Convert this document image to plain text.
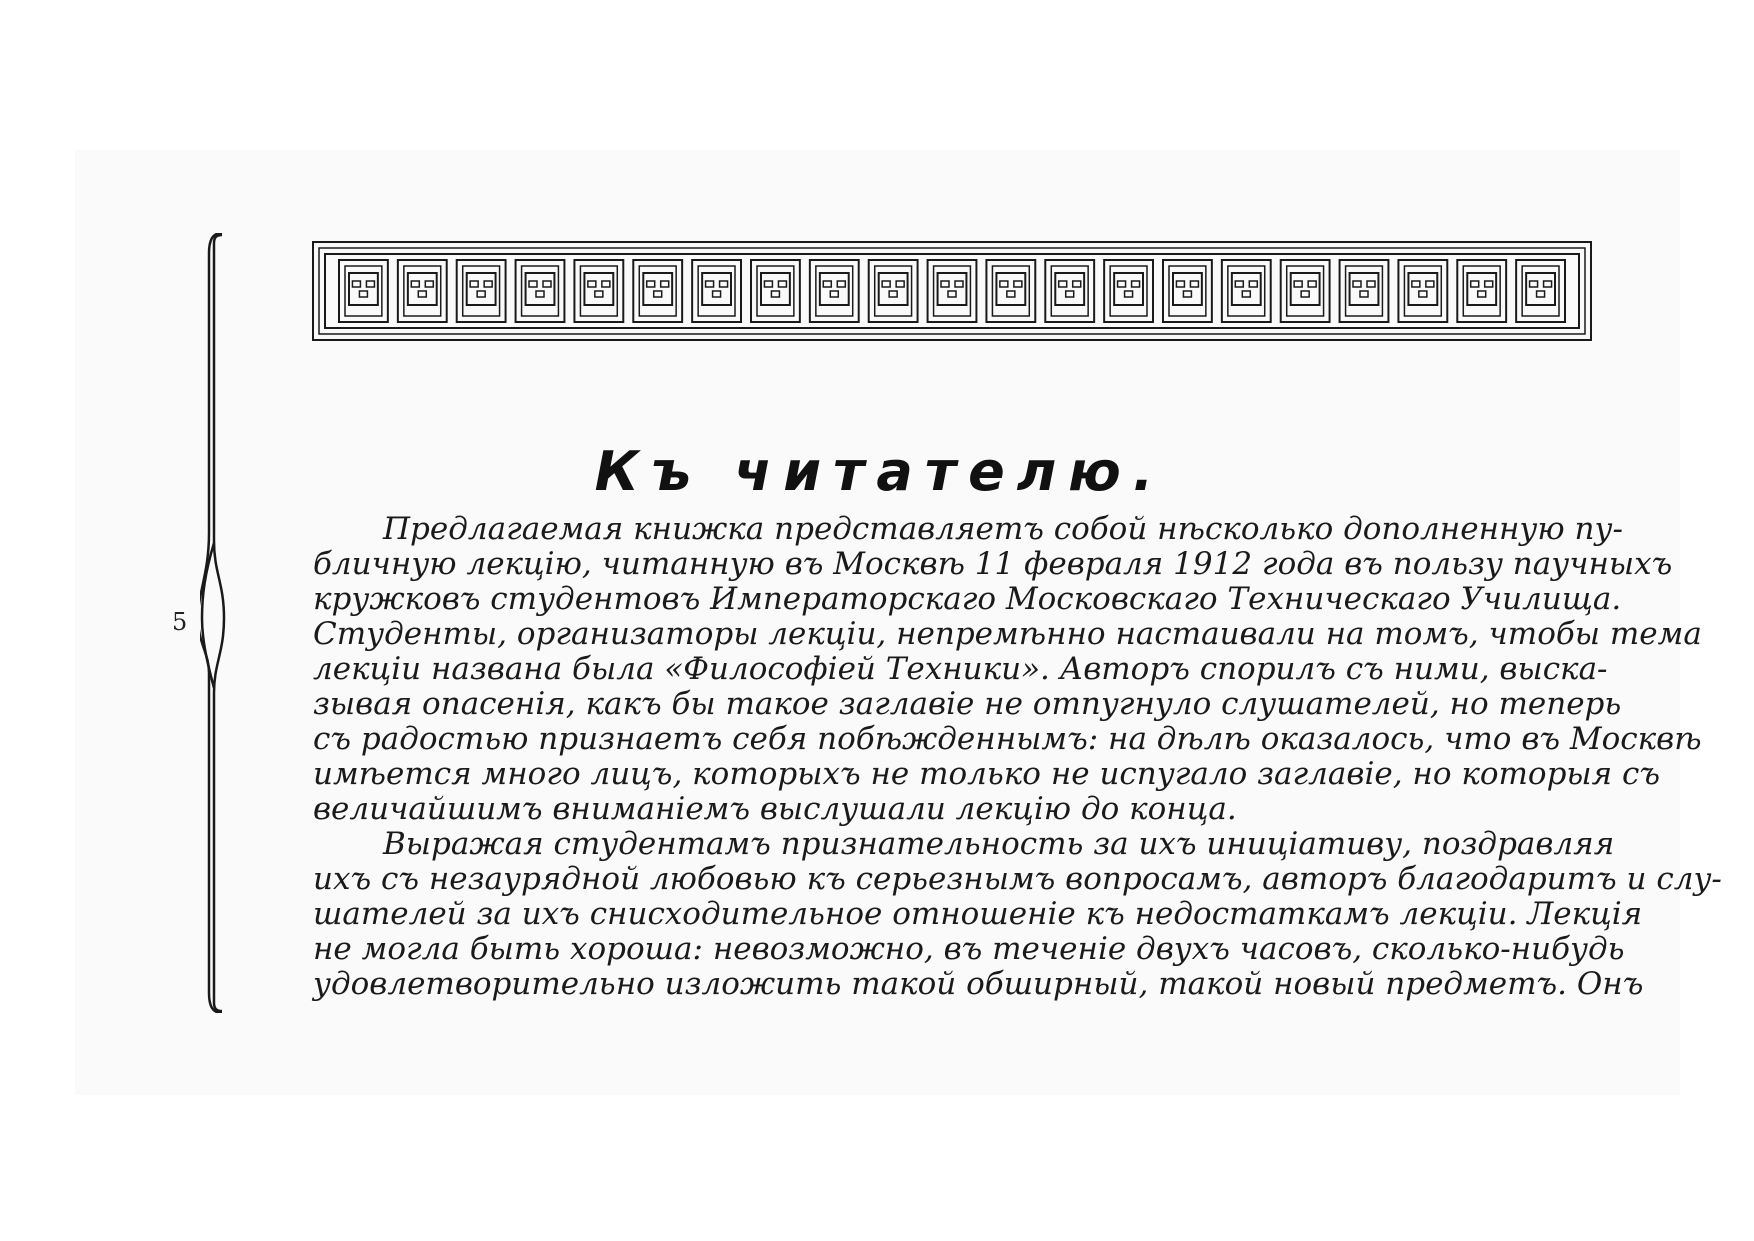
5
Къ читателю.
Предлагаемая книжка представляетъ собой нѣсколько дополненную пу-
бличную лекцію, читанную въ Москвѣ 11 февраля 1912 года въ пользу паучныхъ
кружковъ студентовъ Императорскаго Московскаго Техническаго Училища.
Студенты, организаторы лекціи, непремѣнно настаивали на томъ, чтобы тема
лекціи названа была «Философіей Техники». Авторъ спорилъ съ ними, выска-
зывая опасенія, какъ бы такое заглавіе не отпугнуло слушателей, но теперь
съ радостью признаетъ себя побѣжденнымъ: на дѣлѣ оказалось, что въ Москвѣ
имѣется много лицъ, которыхъ не только не испугало заглавіе, но которыя съ
величайшимъ вниманіемъ выслушали лекцію до конца.
Выражая студентамъ признательность за ихъ иниціативу, поздравляя
ихъ съ незаурядной любовью къ серьезнымъ вопросамъ, авторъ благодаритъ и слу-
шателей за ихъ снисходительное отношеніе къ недостаткамъ лекціи. Лекція
не могла быть хороша: невозможно, въ теченіе двухъ часовъ, сколько-нибудь
удовлетворительно изложить такой обширный, такой новый предметъ. Онъ
